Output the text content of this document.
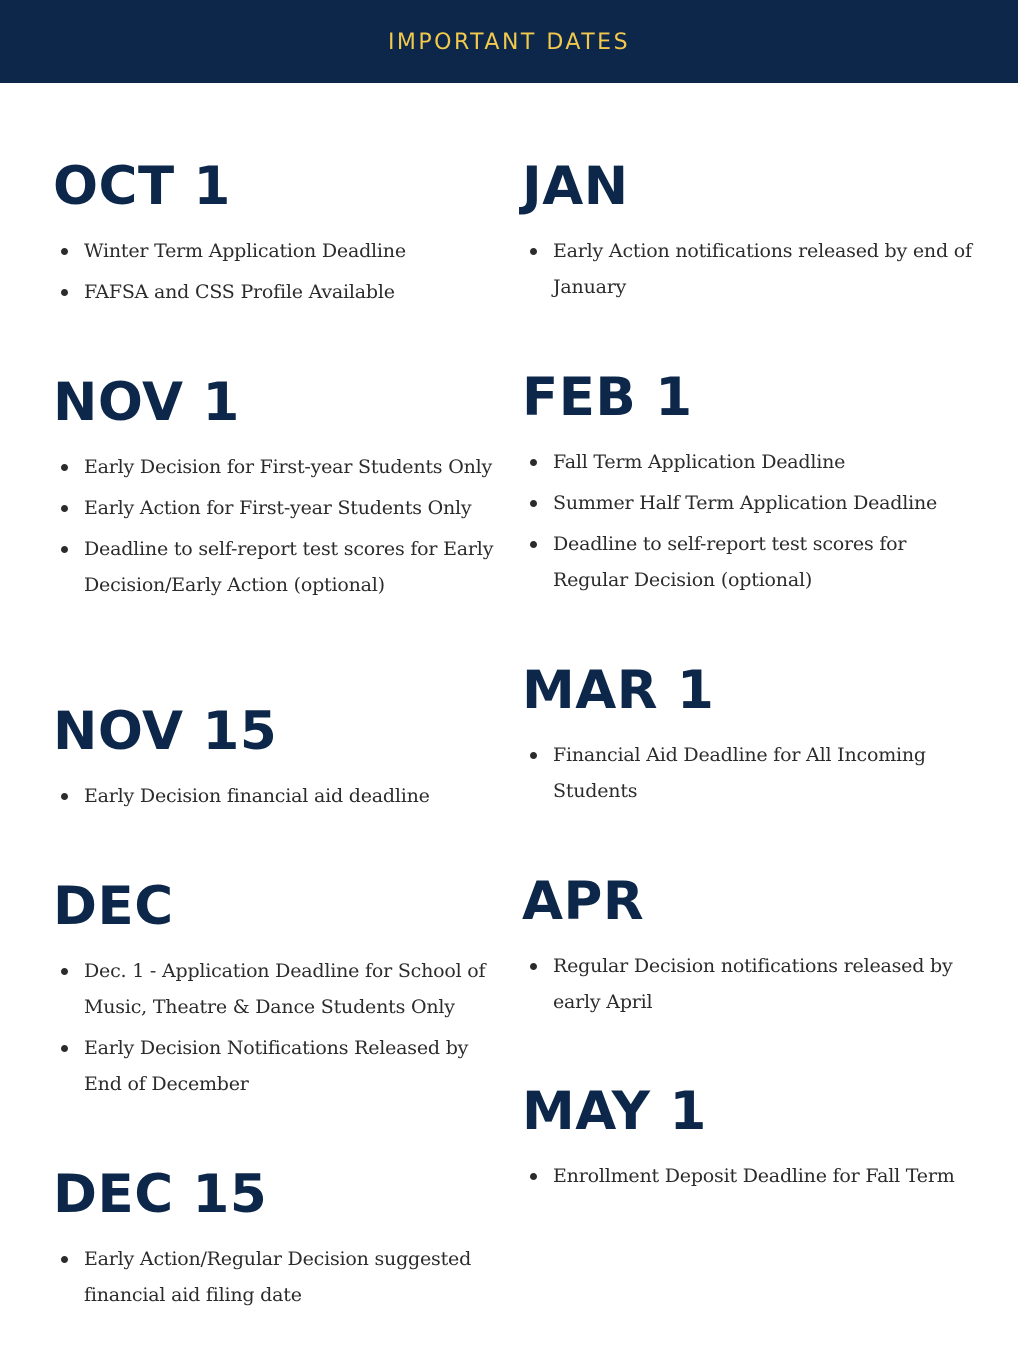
IMPORTANT DATES
OCT 1
Winter Term Application Deadline
FAFSA and CSS Profile Available
NOV 1
Early Decision for First-year Students Only
Early Action for First-year Students Only
Deadline to self-report test scores for Early Decision/Early Action (optional)
NOV 15
Early Decision financial aid deadline
DEC
Dec. 1 - Application Deadline for School of Music, Theatre & Dance Students Only
Early Decision Notifications Released by End of December
DEC 15
Early Action/Regular Decision suggested financial aid filing date
JAN
Early Action notifications released by end of January
FEB 1
Fall Term Application Deadline
Summer Half Term Application Deadline
Deadline to self-report test scores for Regular Decision (optional)
MAR 1
Financial Aid Deadline for All Incoming Students
APR
Regular Decision notifications released by early April
MAY 1
Enrollment Deposit Deadline for Fall Term
